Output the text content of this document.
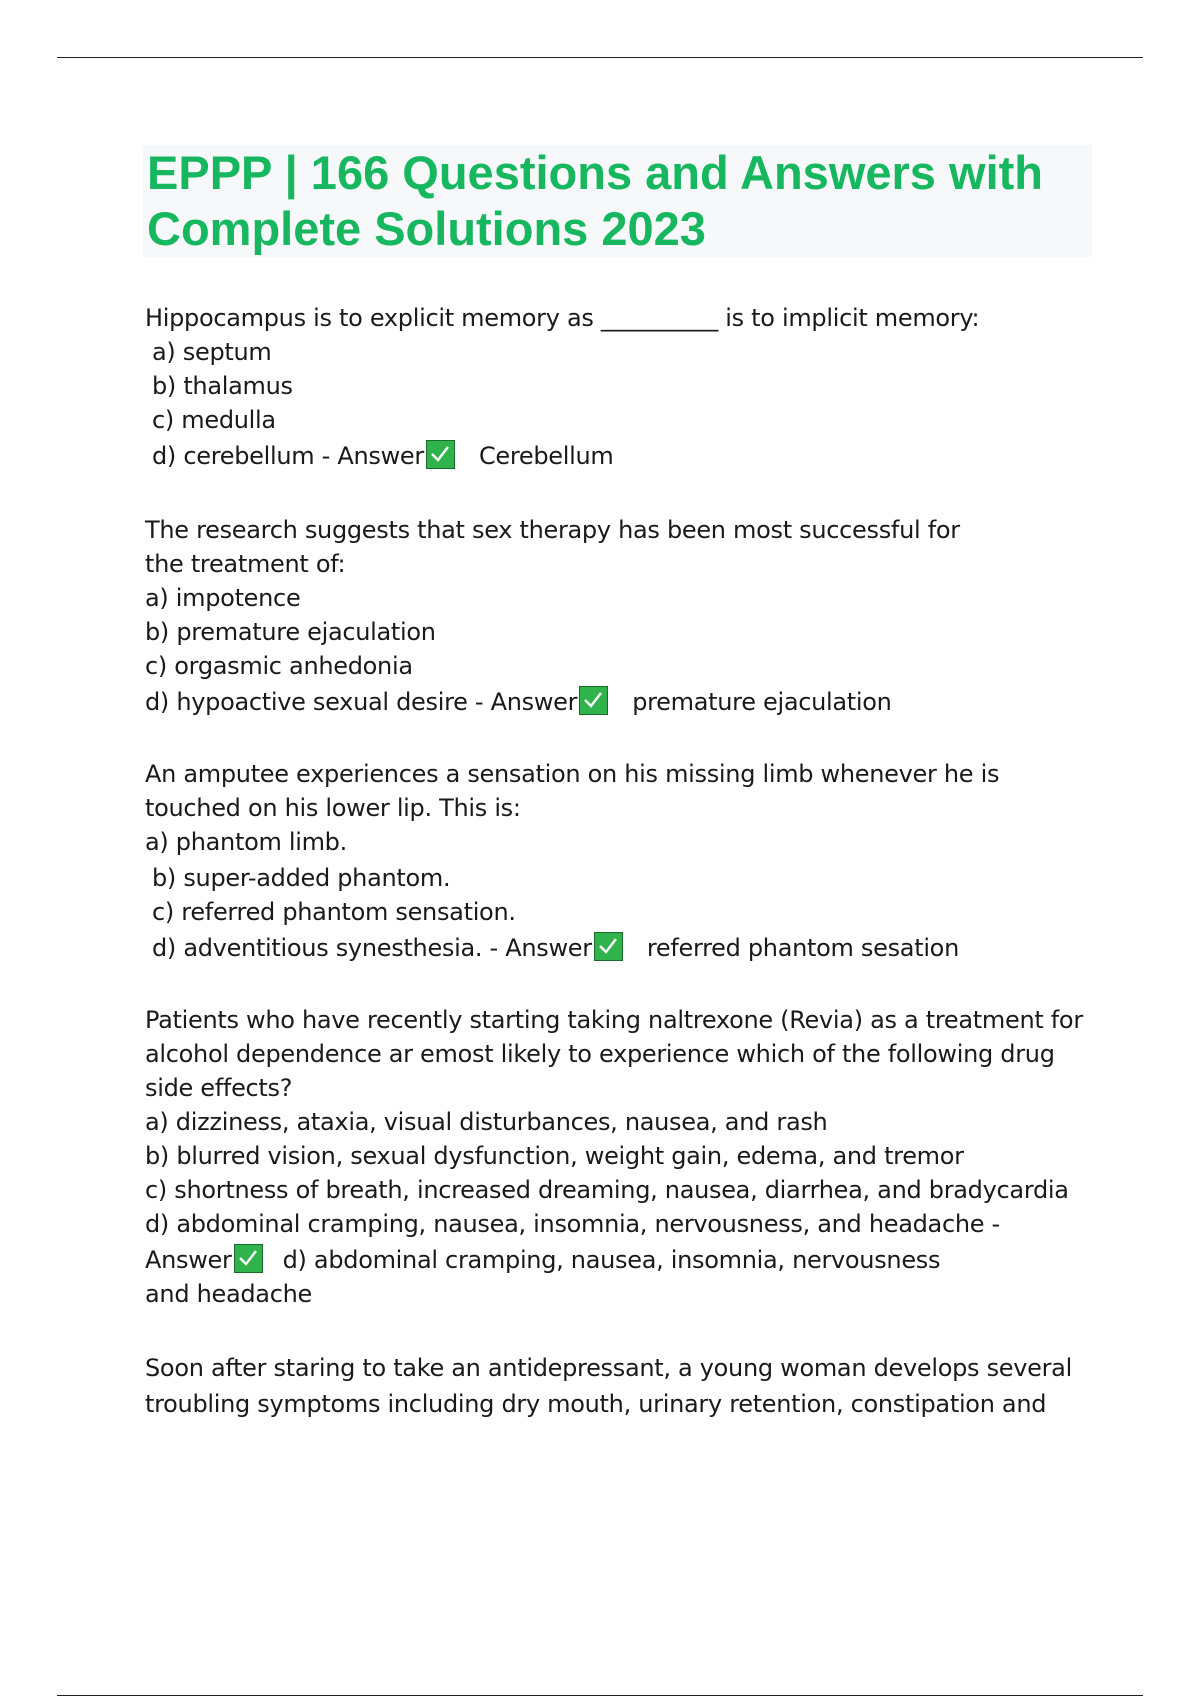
EPPP | 166 Questions and Answers with
Complete Solutions 2023

Hippocampus is to explicit memory as __________ is to implicit memory:

a) septum

b) thalamus

c) medulla

d) cerebellum - Answer Cerebellum

The research suggests that sex therapy has been most successful for the treatment of:

a) impotence

b) premature ejaculation

c) orgasmic anhedonia

d) hypoactive sexual desire - Answer premature ejaculation

An amputee experiences a sensation on his missing limb whenever he is touched on his lower lip. This is:

a) phantom limb.

b) super-added phantom.

c) referred phantom sensation.

d) adventitious synesthesia. - Answer referred phantom sesation

Patients who have recently starting taking naltrexone (Revia) as a treatment for alcohol dependence ar emost likely to experience which of the following drug side effects?

a) dizziness, ataxia, visual disturbances, nausea, and rash

b) blurred vision, sexual dysfunction, weight gain, edema, and tremor

c) shortness of breath, increased dreaming, nausea, diarrhea, and bradycardia

d) abdominal cramping, nausea, insomnia, nervousness, and headache -

Answer d) abdominal cramping, nausea, insomnia, nervousness and headache

Soon after staring to take an antidepressant, a young woman develops several troubling symptoms including dry mouth, urinary retention, constipation and
